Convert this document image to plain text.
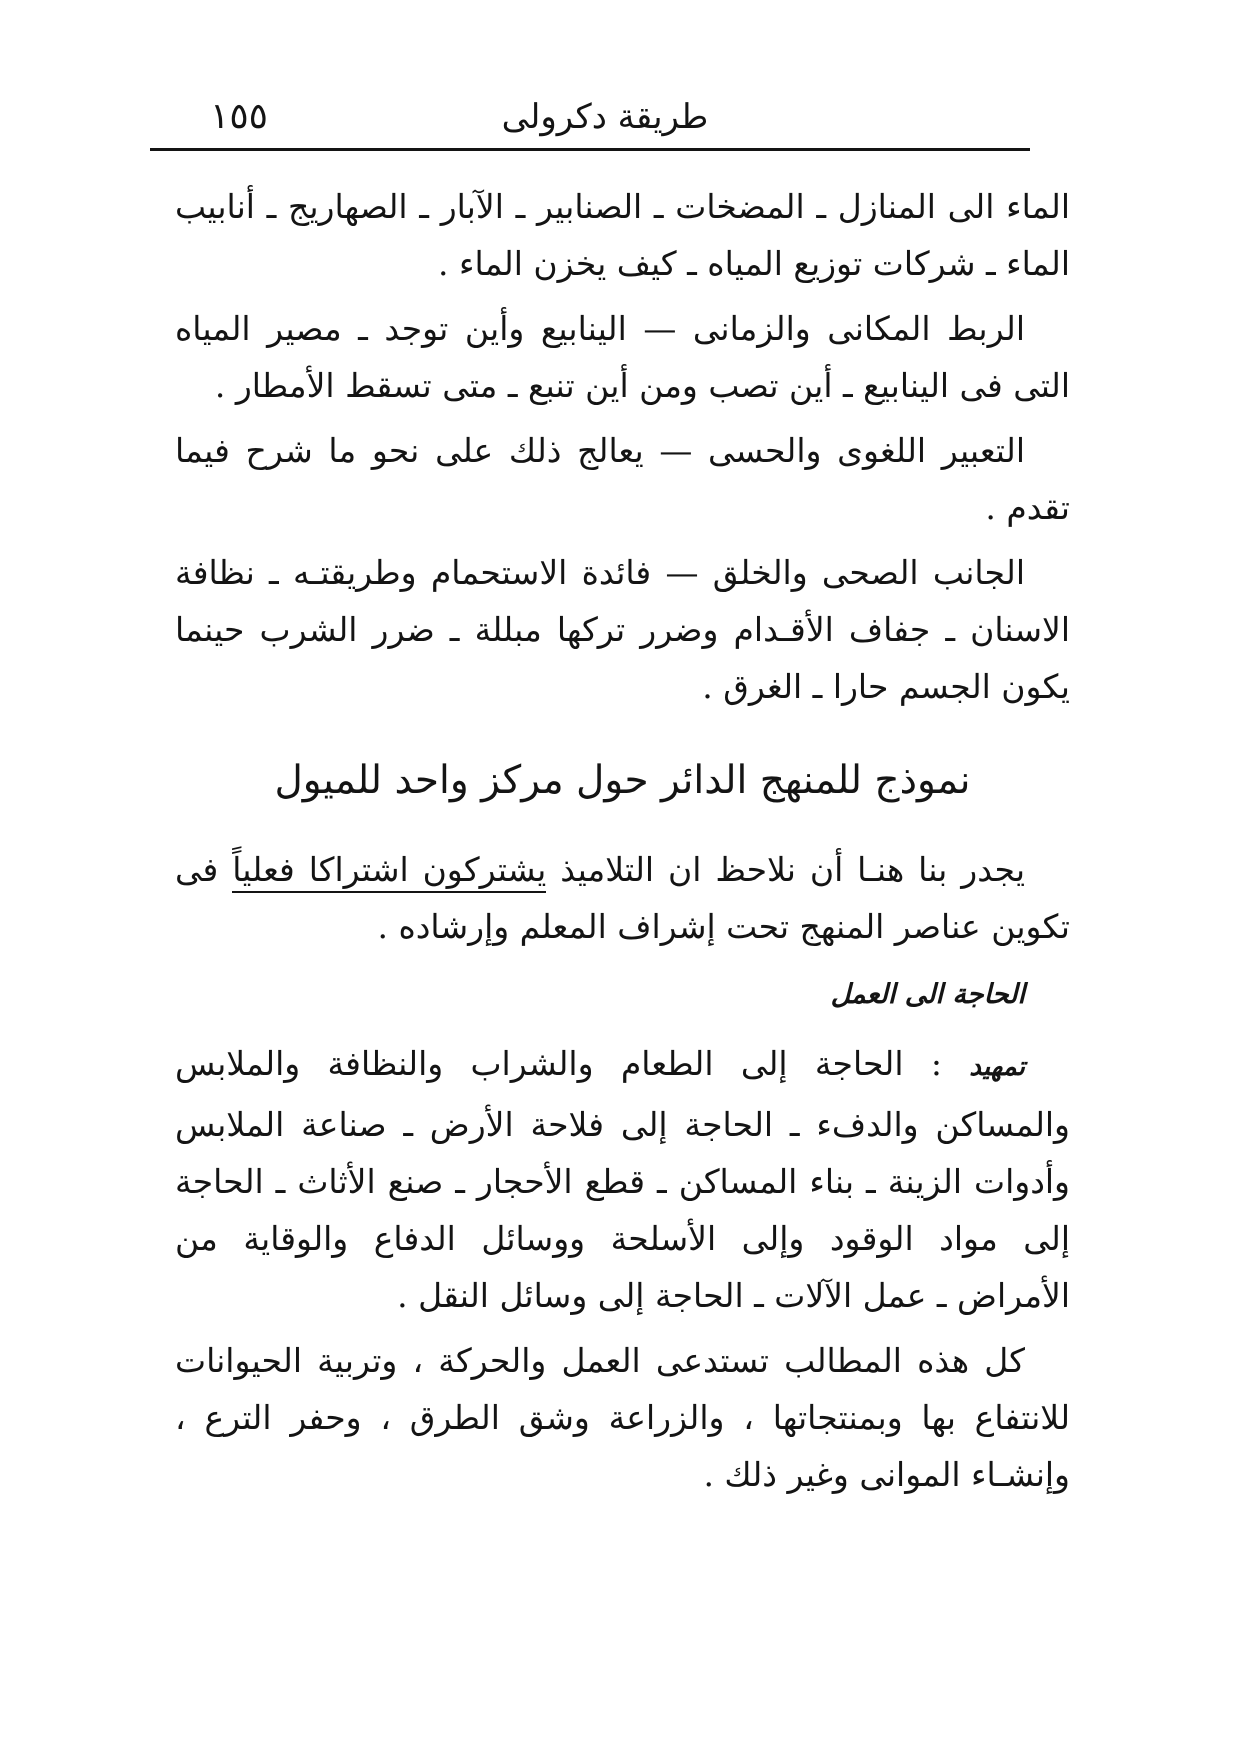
طريقة دكرولى
١٥٥

الماء الى المنازل ـ المضخات ـ الصنابير ـ الآبار ـ الصهاريج ـ أنابيب الماء ـ شركات توزيع المياه ـ كيف يخزن الماء .

الربط المكانى والزمانى — الينابيع وأين توجد ـ مصير المياه التى فى الينابيع ـ أين تصب ومن أين تنبع ـ متى تسقط الأمطار .

التعبير اللغوى والحسى — يعالج ذلك على نحو ما شرح فيما تقدم .

الجانب الصحى والخلق — فائدة الاستحمام وطريقتـه ـ نظافة الاسنان ـ جفاف الأقـدام وضرر تركها مبللة ـ ضرر الشرب حينما يكون الجسم حارا ـ الغرق .

نموذج للمنهج الدائر حول مركز واحد للميول

يجدر بنا هنـا أن نلاحظ ان التلاميذ يشتركون اشتراكا فعلياً فى تكوين عناصر المنهج تحت إشراف المعلم وإرشاده .

الحاجة الى العمل

تمهيد : الحاجة إلى الطعام والشراب والنظافة والملابس والمساكن والدفء ـ الحاجة إلى فلاحة الأرض ـ صناعة الملابس وأدوات الزينة ـ بناء المساكن ـ قطع الأحجار ـ صنع الأثاث ـ الحاجة إلى مواد الوقود وإلى الأسلحة ووسائل الدفاع والوقاية من الأمراض ـ عمل الآلات ـ الحاجة إلى وسائل النقل .

كل هذه المطالب تستدعى العمل والحركة ، وتربية الحيوانات للانتفاع بها وبمنتجاتها ، والزراعة وشق الطرق ، وحفر الترع ، وإنشـاء الموانى وغير ذلك .
